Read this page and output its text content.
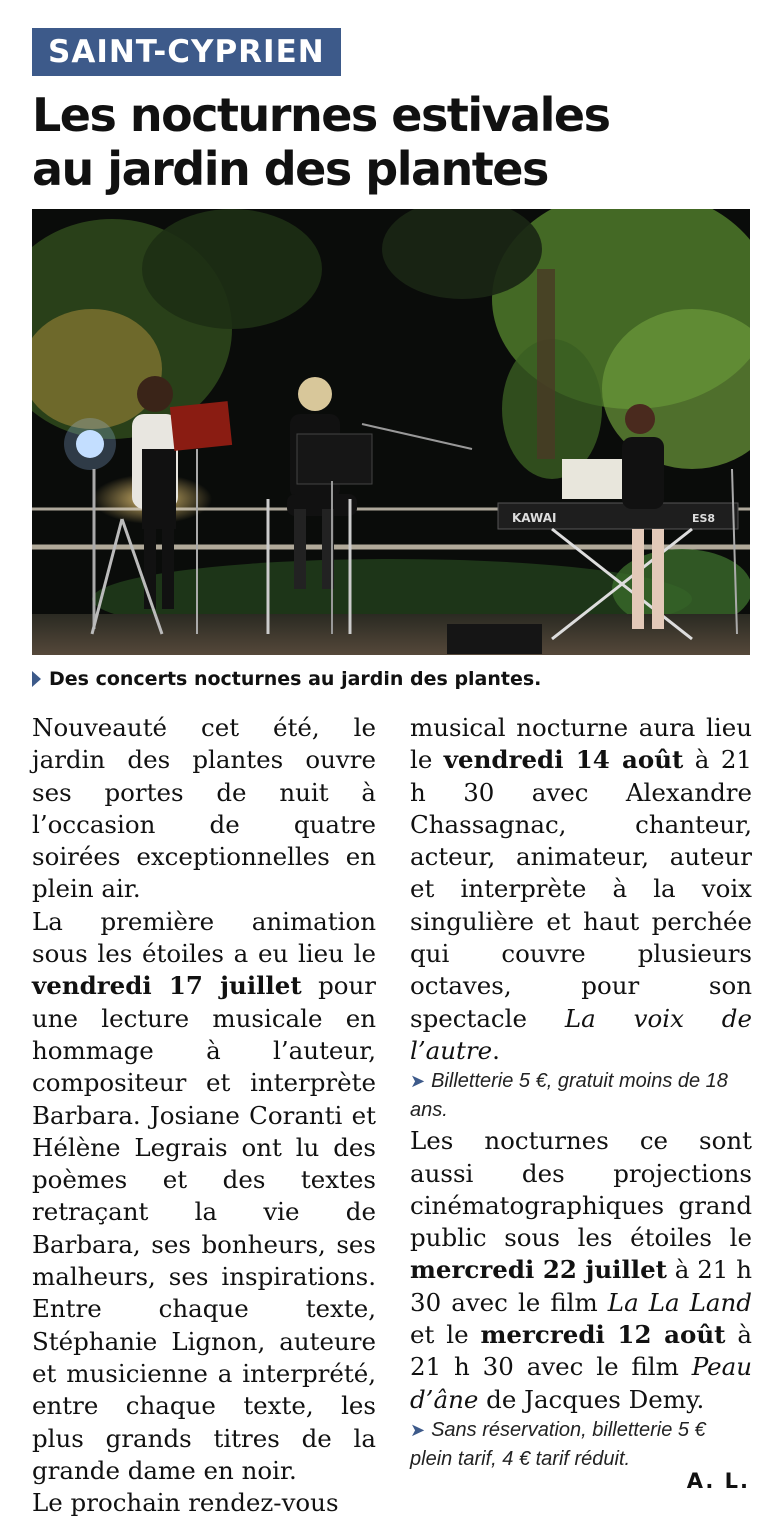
SAINT-CYPRIEN
Les nocturnes estivales
au jardin des plantes
KAWAI	ES8
Des concerts nocturnes au jardin des plantes.

Nouveauté cet été, le jardin des plantes ouvre ses portes de nuit à l’occasion de quatre soirées exceptionnelles en plein air.

La première animation sous les étoiles a eu lieu le vendredi 17 juillet pour une lecture musicale en hommage à l’auteur, compositeur et interprète Barbara. Josiane Coranti et Hélène Legrais ont lu des poèmes et des textes retraçant la vie de Barbara, ses bonheurs, ses malheurs, ses inspirations. Entre chaque texte, Stéphanie Lignon, auteure et musicienne a interprété, entre chaque texte, les plus grands titres de la grande dame en noir.

Le prochain rendez-vous

musical nocturne aura lieu le vendredi 14 août à 21 h 30 avec Alexandre Chassagnac, chanteur, acteur, animateur, auteur et interprète à la voix singulière et haut perchée qui couvre plusieurs octaves, pour son spectacle La voix de l’autre.

➤ Billetterie 5 €, gratuit moins de 18 ans.

Les nocturnes ce sont aussi des projections cinématographiques grand public sous les étoiles le mercredi 22 juillet à 21 h 30 avec le film La La Land et le mercredi 12 août à 21 h 30 avec le film Peau d’âne de Jacques Demy.

➤ Sans réservation, billetterie 5 € plein tarif, 4 € tarif réduit.

A. L.
